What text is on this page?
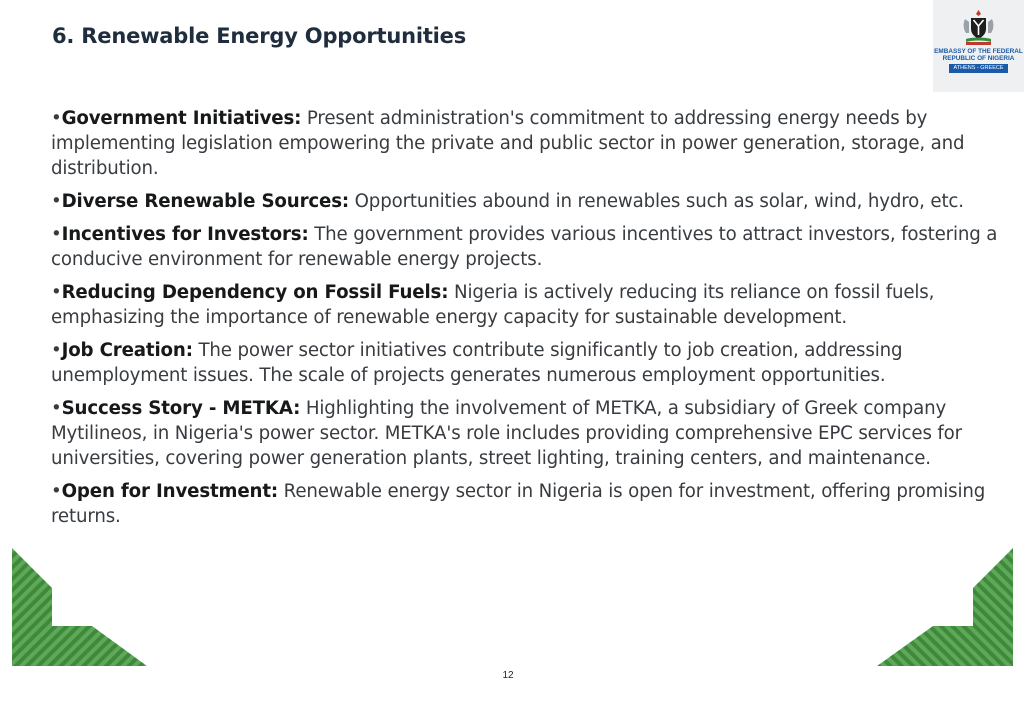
6. Renewable Energy Opportunities
EMBASSY OF THE FEDERAL
REPUBLIC OF NIGERIA
ATHENS - GREECE
•Government Initiatives: Present administration's commitment to addressing energy needs by implementing legislation empowering the private and public sector in power generation, storage, and distribution.
•Diverse Renewable Sources: Opportunities abound in renewables such as solar, wind, hydro, etc.
•Incentives for Investors: The government provides various incentives to attract investors, fostering a conducive environment for renewable energy projects.
•Reducing Dependency on Fossil Fuels: Nigeria is actively reducing its reliance on fossil fuels, emphasizing the importance of renewable energy capacity for sustainable development.
•Job Creation: The power sector initiatives contribute significantly to job creation, addressing unemployment issues. The scale of projects generates numerous employment opportunities.
•Success Story - METKA: Highlighting the involvement of METKA, a subsidiary of Greek company Mytilineos, in Nigeria's power sector. METKA's role includes providing comprehensive EPC services for universities, covering power generation plants, street lighting, training centers, and maintenance.
•Open for Investment: Renewable energy sector in Nigeria is open for investment, offering promising returns.
12
